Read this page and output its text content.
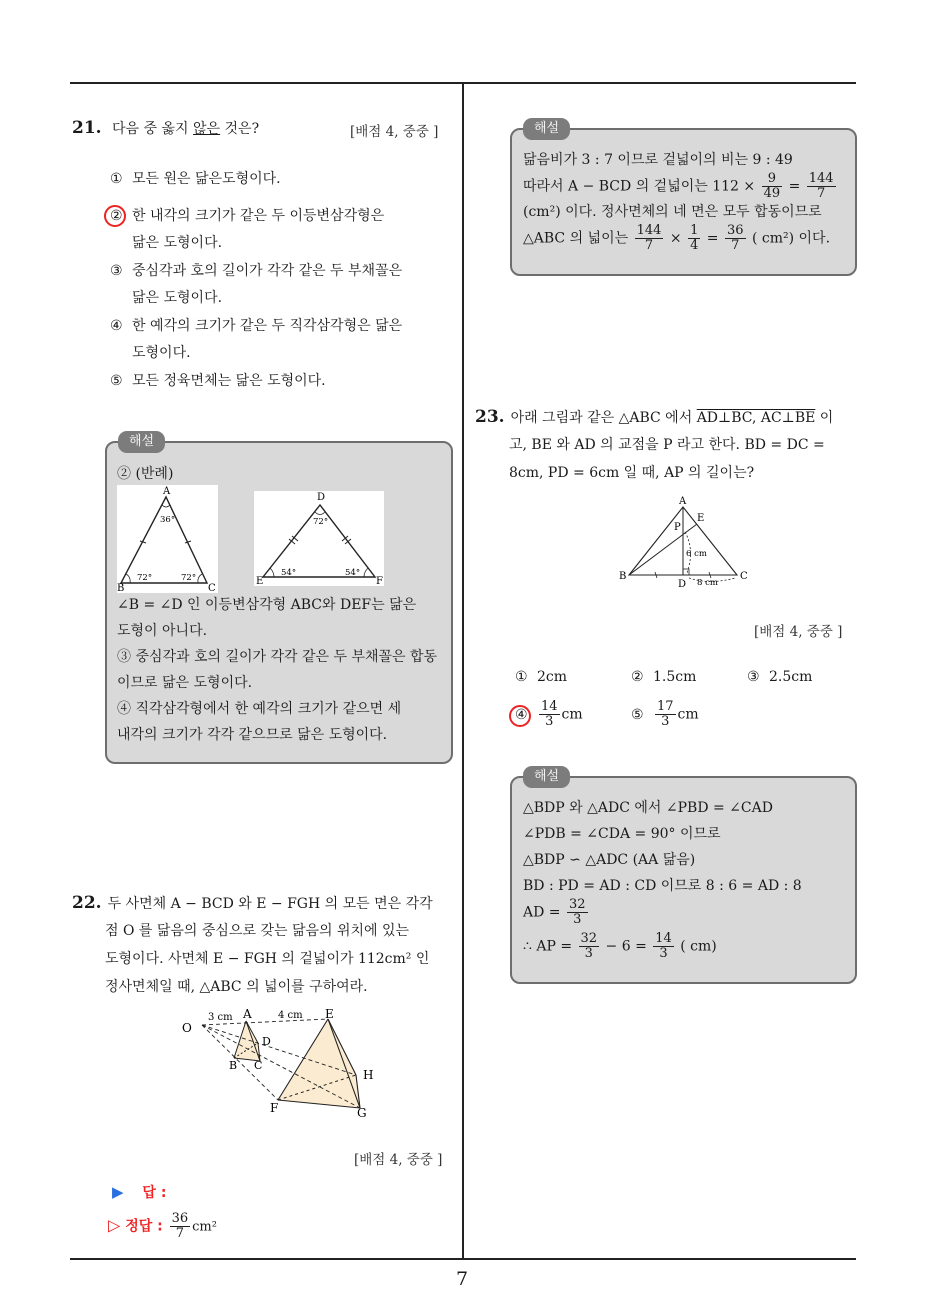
7
21. 다음 중 옳지 않은 것은?	[배점 4, 중중 ]
① 모든 원은 닮은도형이다.
② 한 내각의 크기가 같은 두 이등변삼각형은
닮은 도형이다.
③ 중심각과 호의 길이가 각각 같은 두 부채꼴은
닮은 도형이다.
④ 한 예각의 크기가 같은 두 직각삼각형은 닮은
도형이다.
⑤ 모든 정육면체는 닮은 도형이다.
해설
② (반례)
A
B	C
36°
72°	72°
D
E	F
72°
54°	54°
∠B = ∠D 인 이등변삼각형 ABC와 DEF는 닮은
도형이 아니다.
③ 중심각과 호의 길이가 각각 같은 두 부채꼴은 합동
이므로 닮은 도형이다.
④ 직각삼각형에서 한 예각의 크기가 같으면 세
내각의 크기가 각각 같으므로 닮은 도형이다.
22. 두 사면체 A − BCD 와 E − FGH 의 모든 면은 각각
점 O 를 닮음의 중심으로 갖는 닮음의 위치에 있는
도형이다. 사면체 E − FGH 의 겉넓이가 112cm² 인
정사면체일 때, △ABC 의 넓이를 구하여라.
O
A	E
D
B C
H
F	G
3 cm	4 cm
[배점 4, 중중 ]
▶ 답 :
▷ 정답 : $\frac{36}{7} cm^2$
해설
닮음비가 3 : 7 이므로 겉넓이의 비는 9 : 49
따라서 A − BCD 의 겉넓이는 $112 \times \frac{9}{49} = \frac{144}{7}$
(cm²) 이다. 정사면체의 네 면은 모두 합동이므로
△ABC 의 넓이는 $\frac{144}{7} \times \frac{1}{4} = \frac{36}{7}$ ( cm²) 이다.
23. 아래 그림과 같은 △ABC 에서 AD⊥BC, AC⊥BE 이
고, BE 와 AD 의 교점을 P 라고 한다. BD = DC =
8cm, PD = 6cm 일 때, AP 의 길이는?
A
E
P
B	C
D
6 cm
8 cm
[배점 4, 중중 ]
① 2cm	② 1.5cm	③ 2.5cm
④ $\frac{14}{3}$ cm	⑤ $\frac{17}{3}$ cm
해설
△BDP 와 △ADC 에서 ∠PBD = ∠CAD
∠PDB = ∠CDA = 90° 이므로
△BDP ∽ △ADC (AA 닮음)
BD : PD = AD : CD 이므로 8 : 6 = AD : 8
AD = $\frac{32}{3}$
∴ AP = $\frac{32}{3} - 6 = \frac{14}{3}$ ( cm)
